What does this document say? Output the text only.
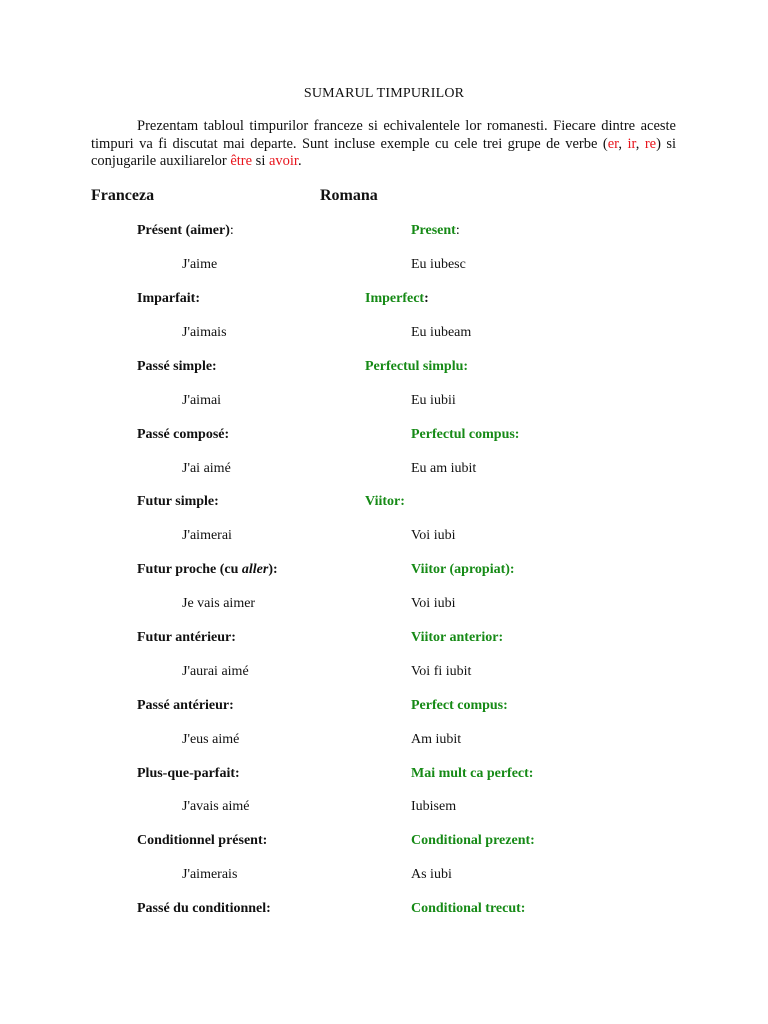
SUMARUL TIMPURILOR

Prezentam tabloul timpurilor franceze si echivalentele lor romanesti. Fiecare dintre aceste timpuri va fi discutat mai departe. Sunt incluse exemple cu cele trei grupe de verbe (er, ir, re) si conjugarile auxiliarelor être si avoir.

Franceza	Romana
Présent (aimer):	Present:
J'aime	Eu iubesc
Imparfait:	Imperfect:
J'aimais	Eu iubeam
Passé simple:	Perfectul simplu:
J'aimai	Eu iubii
Passé composé:	Perfectul compus:
J'ai aimé	Eu am iubit
Futur simple:	Viitor:
J'aimerai	Voi iubi
Futur proche (cu aller):	Viitor (apropiat):
Je vais aimer	Voi iubi
Futur antérieur:	Viitor anterior:
J'aurai aimé	Voi fi iubit
Passé antérieur:	Perfect compus:
J'eus aimé	Am iubit
Plus-que-parfait:	Mai mult ca perfect:
J'avais aimé	Iubisem
Conditionnel présent:	Conditional prezent:
J'aimerais	As iubi
Passé du conditionnel:	Conditional trecut:
